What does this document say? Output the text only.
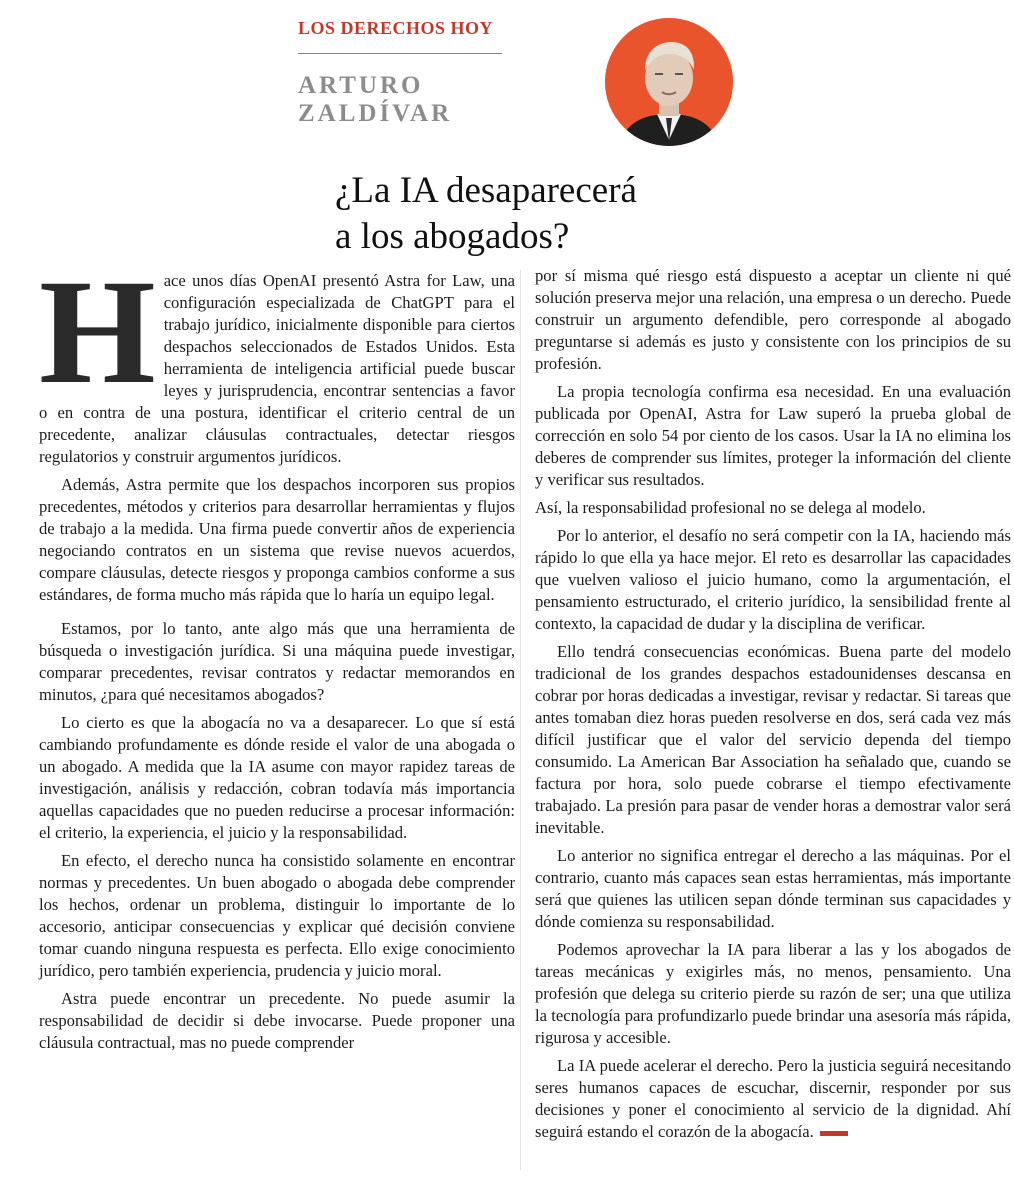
LOS DERECHOS HOY
ARTURO
ZALDÍVAR
¿La IA desaparecerá
a los abogados?

Hace unos días OpenAI presentó Astra for Law, una configuración especializada de ChatGPT para el trabajo jurídico, inicialmente disponible para ciertos despachos seleccionados de Estados Unidos. Esta herramienta de inteligencia artificial puede buscar leyes y jurisprudencia, encontrar sentencias a favor o en contra de una postura, identificar el criterio central de un precedente, analizar cláusulas contractuales, detectar riesgos regulatorios y construir argumentos jurídicos.

Además, Astra permite que los despachos incorporen sus propios precedentes, métodos y criterios para desarrollar herramientas y flujos de trabajo a la medida. Una firma puede convertir años de experiencia negociando contratos en un sistema que revise nuevos acuerdos, compare cláusulas, detecte riesgos y proponga cambios conforme a sus estándares, de forma mucho más rápida que lo haría un equipo legal.

Estamos, por lo tanto, ante algo más que una herramienta de búsqueda o investigación jurídica. Si una máquina puede investigar, comparar precedentes, revisar contratos y redactar memorandos en minutos, ¿para qué necesitamos abogados?

Lo cierto es que la abogacía no va a desaparecer. Lo que sí está cambiando profundamente es dónde reside el valor de una abogada o un abogado. A medida que la IA asume con mayor rapidez tareas de investigación, análisis y redacción, cobran todavía más importancia aquellas capacidades que no pueden reducirse a procesar información: el criterio, la experiencia, el juicio y la responsabilidad.

En efecto, el derecho nunca ha consistido solamente en encontrar normas y precedentes. Un buen abogado o abogada debe comprender los hechos, ordenar un problema, distinguir lo importante de lo accesorio, anticipar consecuencias y explicar qué decisión conviene tomar cuando ninguna respuesta es perfecta. Ello exige conocimiento jurídico, pero también experiencia, prudencia y juicio moral.

Astra puede encontrar un precedente. No puede asumir la responsabilidad de decidir si debe invocarse. Puede proponer una cláusula contractual, mas no puede comprender

por sí misma qué riesgo está dispuesto a aceptar un cliente ni qué solución preserva mejor una relación, una empresa o un derecho. Puede construir un argumento defendible, pero corresponde al abogado preguntarse si además es justo y consistente con los principios de su profesión.

La propia tecnología confirma esa necesidad. En una evaluación publicada por OpenAI, Astra for Law superó la prueba global de corrección en solo 54 por ciento de los casos. Usar la IA no elimina los deberes de comprender sus límites, proteger la información del cliente y verificar sus resultados.

Así, la responsabilidad profesional no se delega al modelo.

Por lo anterior, el desafío no será competir con la IA, haciendo más rápido lo que ella ya hace mejor. El reto es desarrollar las capacidades que vuelven valioso el juicio humano, como la argumentación, el pensamiento estructurado, el criterio jurídico, la sensibilidad frente al contexto, la capacidad de dudar y la disciplina de verificar.

Ello tendrá consecuencias económicas. Buena parte del modelo tradicional de los grandes despachos estadounidenses descansa en cobrar por horas dedicadas a investigar, revisar y redactar. Si tareas que antes tomaban diez horas pueden resolverse en dos, será cada vez más difícil justificar que el valor del servicio dependa del tiempo consumido. La American Bar Association ha señalado que, cuando se factura por hora, solo puede cobrarse el tiempo efectivamente trabajado. La presión para pasar de vender horas a demostrar valor será inevitable.

Lo anterior no significa entregar el derecho a las máquinas. Por el contrario, cuanto más capaces sean estas herramientas, más importante será que quienes las utilicen sepan dónde terminan sus capacidades y dónde comienza su responsabilidad.

Podemos aprovechar la IA para liberar a las y los abogados de tareas mecánicas y exigirles más, no menos, pensamiento. Una profesión que delega su criterio pierde su razón de ser; una que utiliza la tecnología para profundizarlo puede brindar una asesoría más rápida, rigurosa y accesible.

La IA puede acelerar el derecho. Pero la justicia seguirá necesitando seres humanos capaces de escuchar, discernir, responder por sus decisiones y poner el conocimiento al servicio de la dignidad. Ahí seguirá estando el corazón de la abogacía.
